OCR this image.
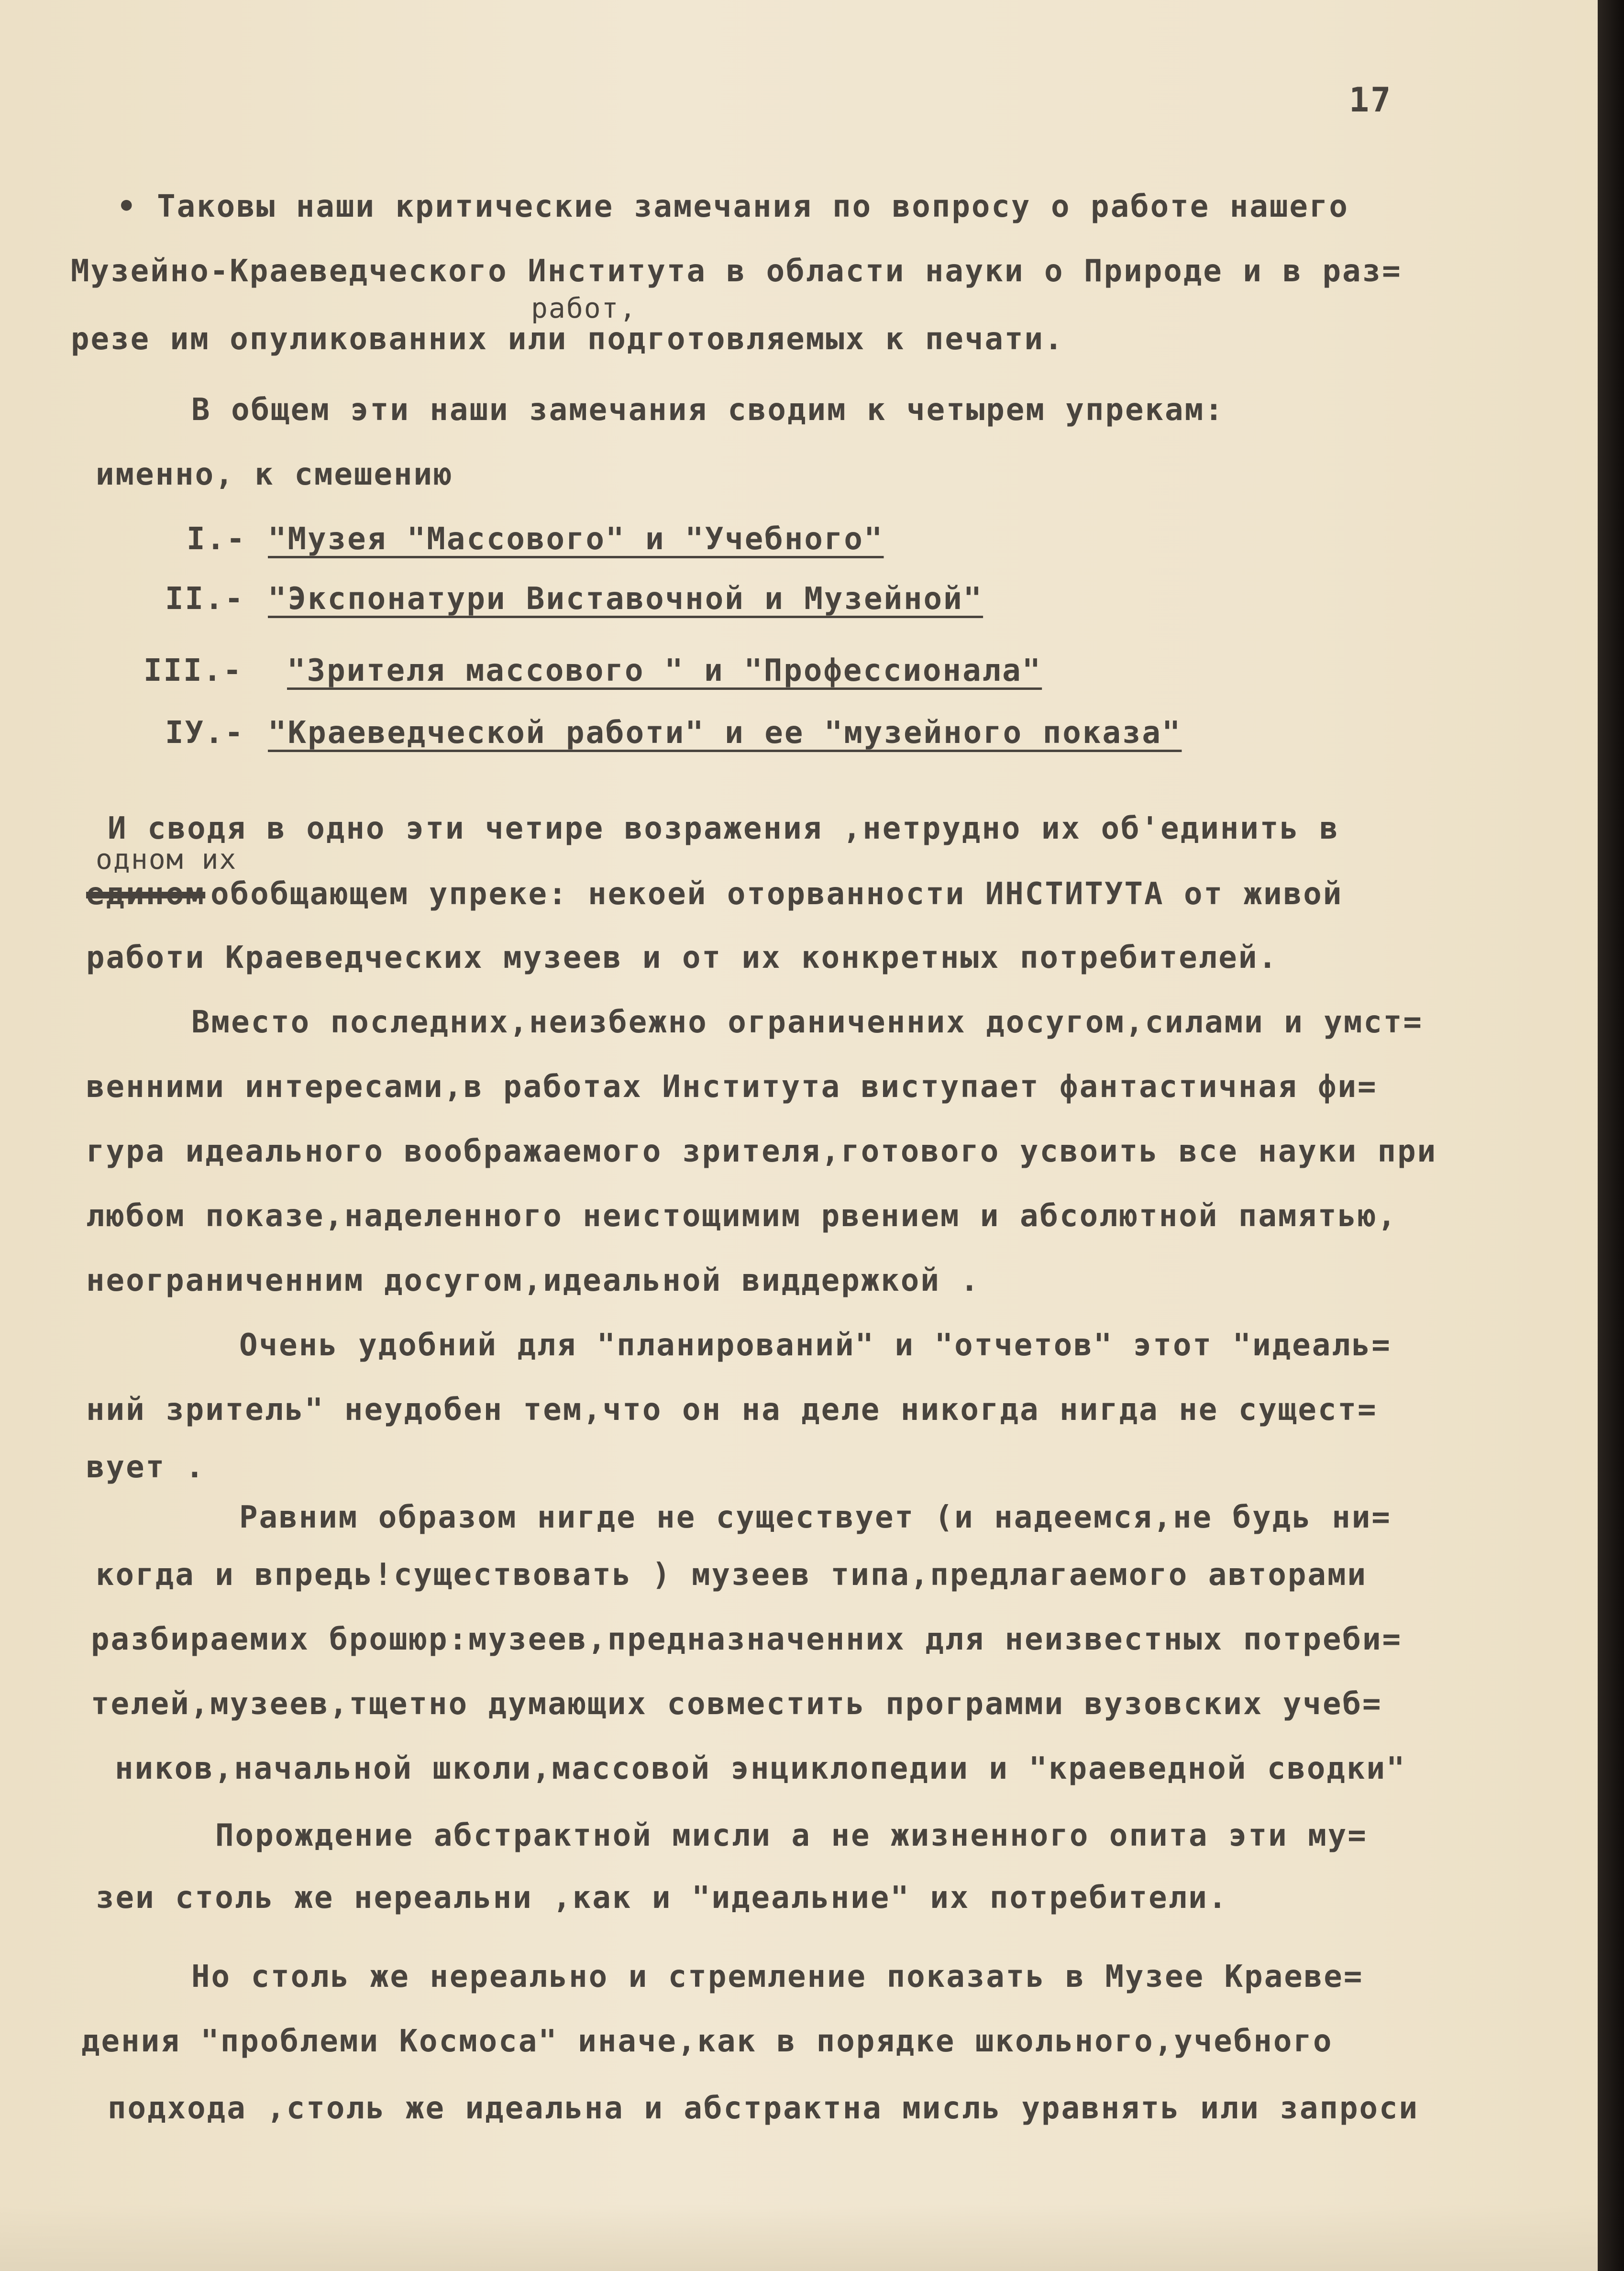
17
• Таковы наши критические замечания по вопросу о работе нашего
Музейно-Краеведческого Института в области науки о Природе и в раз=
работ,
резе им опуликованних или подготовляемых к печати.
В общем эти наши замечания сводим к четырем упрекам:
именно, к смешению
I.- "Музея "Массового" и "Учебного"
II.- "Экспонатури Виставочной и Музейной"
III.- "Зрителя массового " и "Профессионала"
IУ.- "Краеведческой работи" и ее "музейного показа"
И сводя в одно эти четире возражения ,нетрудно их об'единить в
одном их
едином обобщающем упреке: некоей оторванности ИНСТИТУТА от живой
работи Краеведческих музеев и от их конкретных потребителей.
Вместо последних,неизбежно ограниченних досугом,силами и умст=
венними интересами,в работах Института виступает фантастичная фи=
гура идеального воображаемого зрителя,готового усвоить все науки при
любом показе,наделенного неистощимим рвением и абсолютной памятью,
неограниченним досугом,идеальной виддержкой .
Очень удобний для "планирований" и "отчетов" этот "идеаль=
ний зритель" неудобен тем,что он на деле никогда нигда не сущест=
вует .
Равним образом нигде не существует (и надеемся,не будь ни=
когда и впредь!существовать ) музеев типа,предлагаемого авторами
разбираемих брошюр:музеев,предназначенних для неизвестных потреби=
телей,музеев,тщетно думающих совместить программи вузовских учеб=
ников,начальной школи,массовой энциклопедии и "краеведной сводки"
Порождение абстрактной мисли а не жизненного опита эти му=
зеи столь же нереальни ,как и "идеальние" их потребители.
Но столь же нереально и стремление показать в Музее Краеве=
дения "проблеми Космоса" иначе,как в порядке школьного,учебного
подхода ,столь же идеальна и абстрактна мисль уравнять или запроси
